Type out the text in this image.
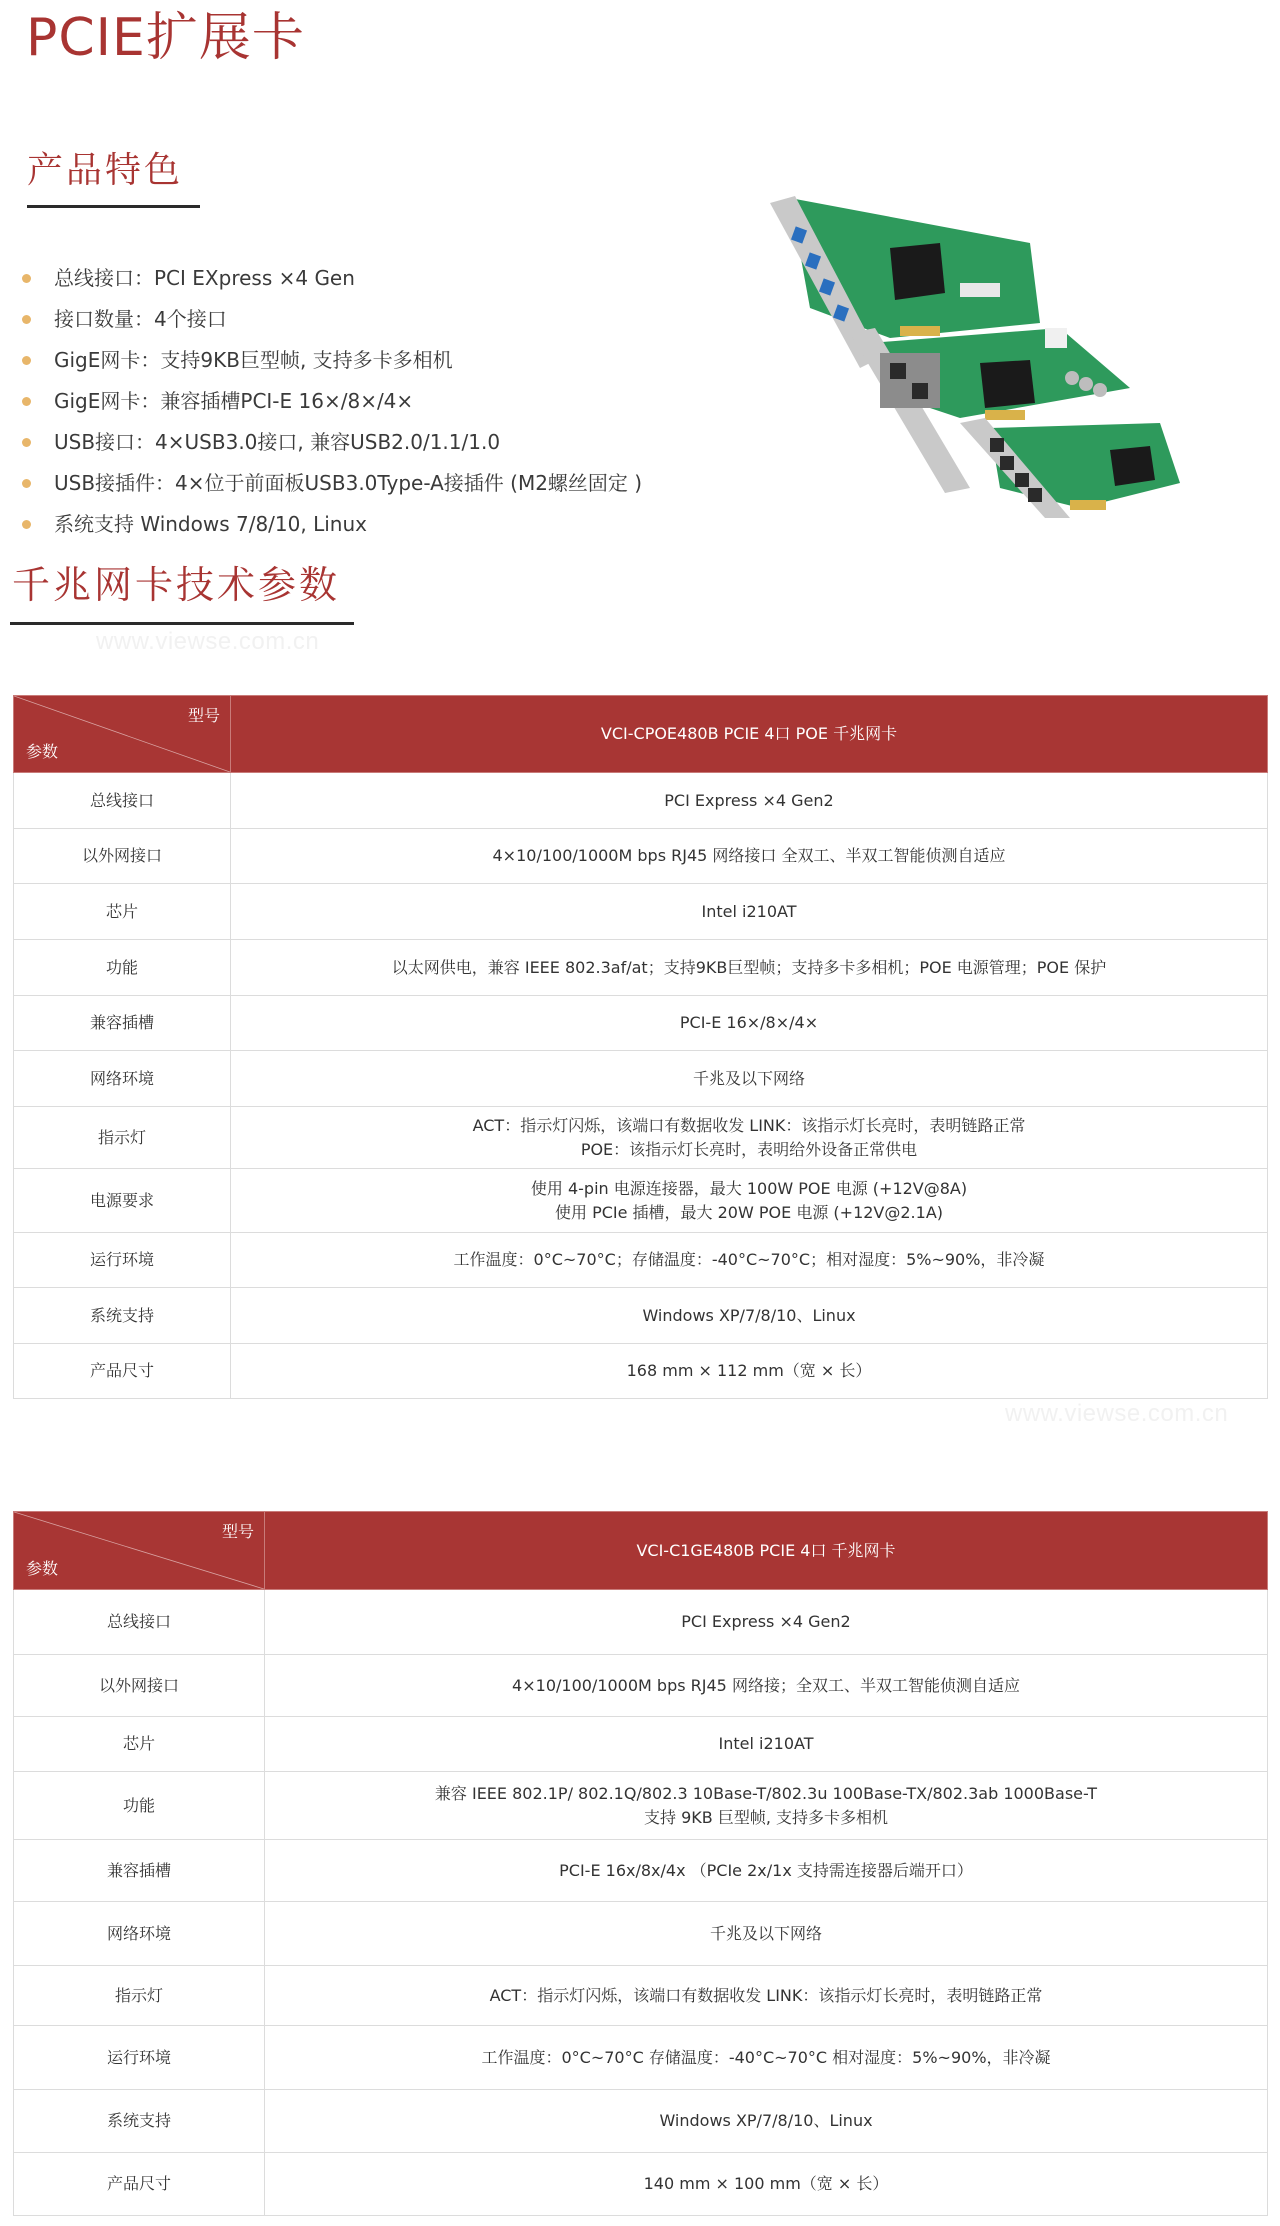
PCIE扩展卡
产品特色
总线接口：PCI EXpress ×4 Gen
接口数量：4个接口
GigE网卡：支持9KB巨型帧, 支持多卡多相机
GigE网卡：兼容插槽PCI-E 16×/8×/4×
USB接口：4×USB3.0接口, 兼容USB2.0/1.1/1.0
USB接插件：4×位于前面板USB3.0Type-A接插件 (M2螺丝固定 )
系统支持 Windows 7/8/10, Linux
千兆网卡技术参数
www.viewse.com.cn
型号
参数	VCI-CPOE480B PCIE 4口 POE 千兆网卡
总线接口	PCI Express ×4 Gen2
以外网接口	4×10/100/1000M bps RJ45 网络接口 全双工、半双工智能侦测自适应
芯片	Intel i210AT
功能	以太网供电，兼容 IEEE 802.3af/at；支持9KB巨型帧；支持多卡多相机；POE 电源管理；POE 保护
兼容插槽	PCI-E 16×/8×/4×
网络环境	千兆及以下网络
指示灯	ACT：指示灯闪烁，该端口有数据收发 LINK：该指示灯长亮时，表明链路正常
POE：该指示灯长亮时，表明给外设备正常供电

电源要求	使用 4-pin 电源连接器，最大 100W POE 电源 (+12V@8A)
使用 PCIe 插槽，最大 20W POE 电源 (+12V@2.1A)

运行环境	工作温度：0°C~70°C；存储温度：-40°C~70°C；相对湿度：5%~90%，非冷凝
系统支持	Windows XP/7/8/10、Linux
产品尺寸	168 mm × 112 mm（宽 × 长）
www.viewse.com.cn
型号
参数	VCI-C1GE480B PCIE 4口 千兆网卡
总线接口	PCI Express ×4 Gen2
以外网接口	4×10/100/1000M bps RJ45 网络接；全双工、半双工智能侦测自适应
芯片	Intel i210AT
功能	兼容 IEEE 802.1P/ 802.1Q/802.3 10Base-T/802.3u 100Base-TX/802.3ab 1000Base-T
支持 9KB 巨型帧, 支持多卡多相机

兼容插槽	PCI-E 16x/8x/4x （PCIe 2x/1x 支持需连接器后端开口）
网络环境	千兆及以下网络
指示灯	ACT：指示灯闪烁，该端口有数据收发 LINK：该指示灯长亮时，表明链路正常
运行环境	工作温度：0°C~70°C 存储温度：-40°C~70°C 相对湿度：5%~90%，非冷凝
系统支持	Windows XP/7/8/10、Linux
产品尺寸	140 mm × 100 mm（宽 × 长）
